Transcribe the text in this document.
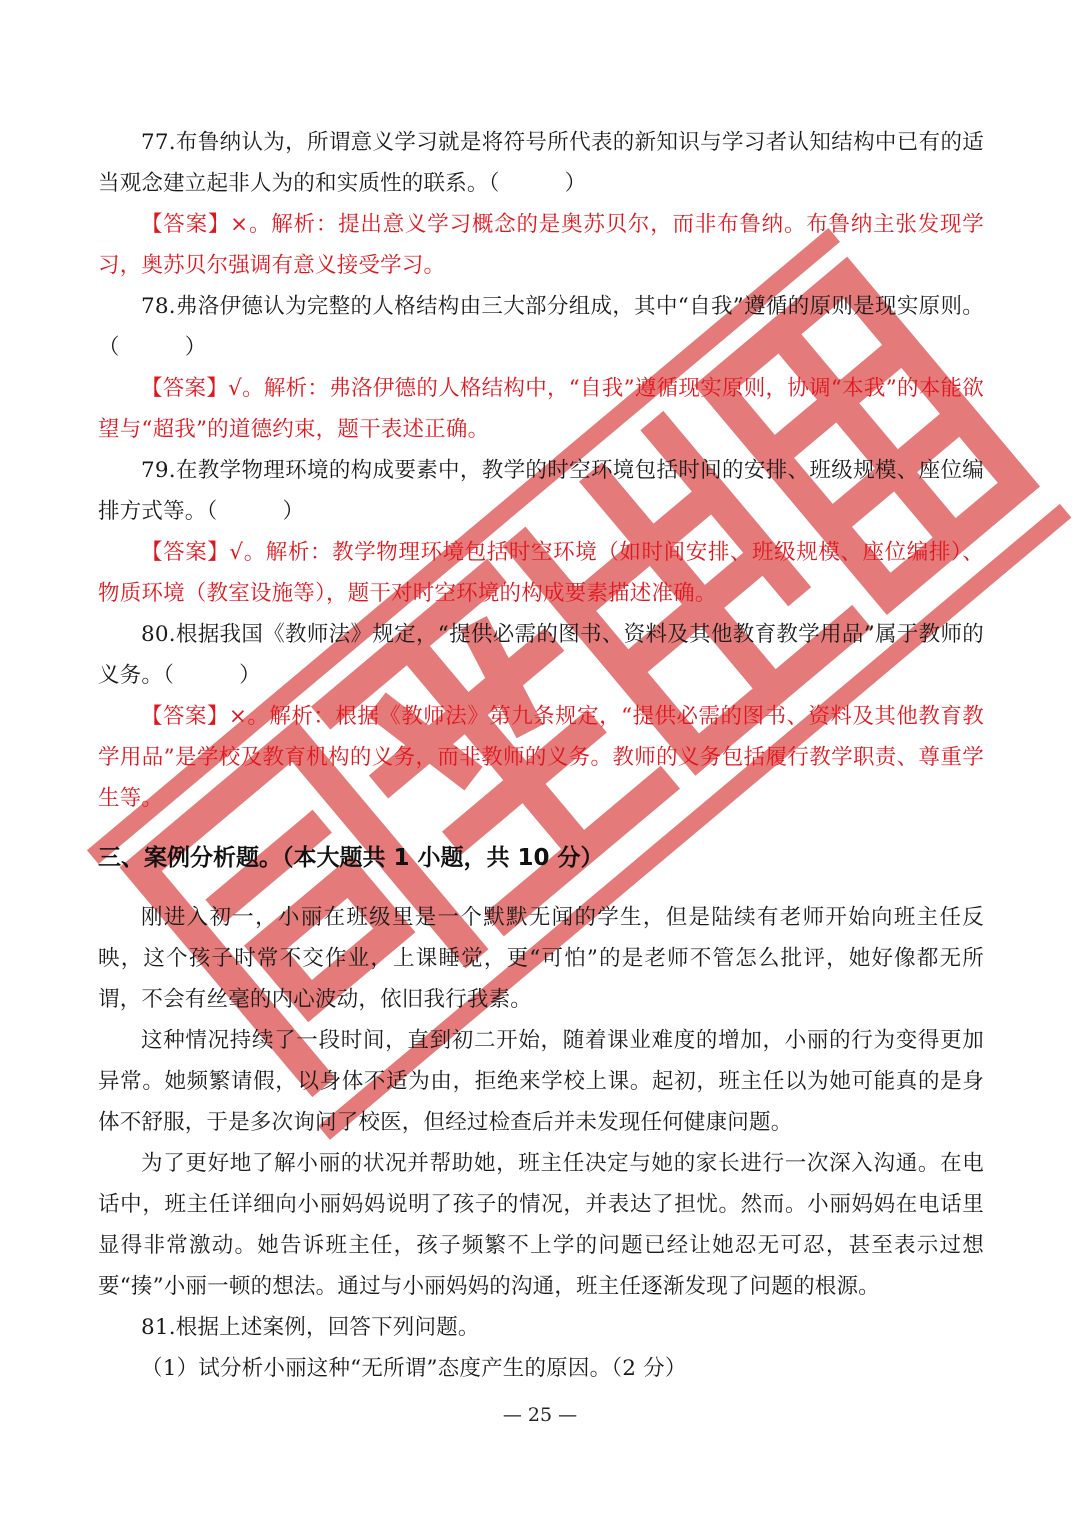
77.布鲁纳认为，所谓意义学习就是将符号所代表的新知识与学习者认知结构中已有的适当观念建立起非人为的和实质性的联系。（　　　）

【答案】×。解析：提出意义学习概念的是奥苏贝尔，而非布鲁纳。布鲁纳主张发现学习，奥苏贝尔强调有意义接受学习。

78.弗洛伊德认为完整的人格结构由三大部分组成，其中“自我”遵循的原则是现实原则。（　　　）

【答案】√。解析：弗洛伊德的人格结构中，“自我”遵循现实原则，协调“本我”的本能欲望与“超我”的道德约束，题干表述正确。

79.在教学物理环境的构成要素中，教学的时空环境包括时间的安排、班级规模、座位编排方式等。（　　　）

【答案】√。解析：教学物理环境包括时空环境（如时间安排、班级规模、座位编排）、物质环境（教室设施等），题干对时空环境的构成要素描述准确。

80.根据我国《教师法》规定，“提供必需的图书、资料及其他教育教学用品”属于教师的义务。（　　　）

【答案】×。解析：根据《教师法》第九条规定，“提供必需的图书、资料及其他教育教学用品”是学校及教育机构的义务，而非教师的义务。教师的义务包括履行教学职责、尊重学生等。

三、案例分析题。（本大题共 1 小题，共 10 分）

刚进入初一，小丽在班级里是一个默默无闻的学生，但是陆续有老师开始向班主任反映，这个孩子时常不交作业，上课睡觉，更“可怕”的是老师不管怎么批评，她好像都无所谓，不会有丝毫的内心波动，依旧我行我素。

这种情况持续了一段时间，直到初二开始，随着课业难度的增加，小丽的行为变得更加异常。她频繁请假，以身体不适为由，拒绝来学校上课。起初，班主任以为她可能真的是身体不舒服，于是多次询问了校医，但经过检查后并未发现任何健康问题。

为了更好地了解小丽的状况并帮助她，班主任决定与她的家长进行一次深入沟通。在电话中，班主任详细向小丽妈妈说明了孩子的情况，并表达了担忧。然而。小丽妈妈在电话里显得非常激动。她告诉班主任，孩子频繁不上学的问题已经让她忍无可忍，甚至表示过想要“揍”小丽一顿的想法。通过与小丽妈妈的沟通，班主任逐渐发现了问题的根源。

81.根据上述案例，回答下列问题。

（1）试分析小丽这种“无所谓”态度产生的原因。（2 分）

— 25 —
